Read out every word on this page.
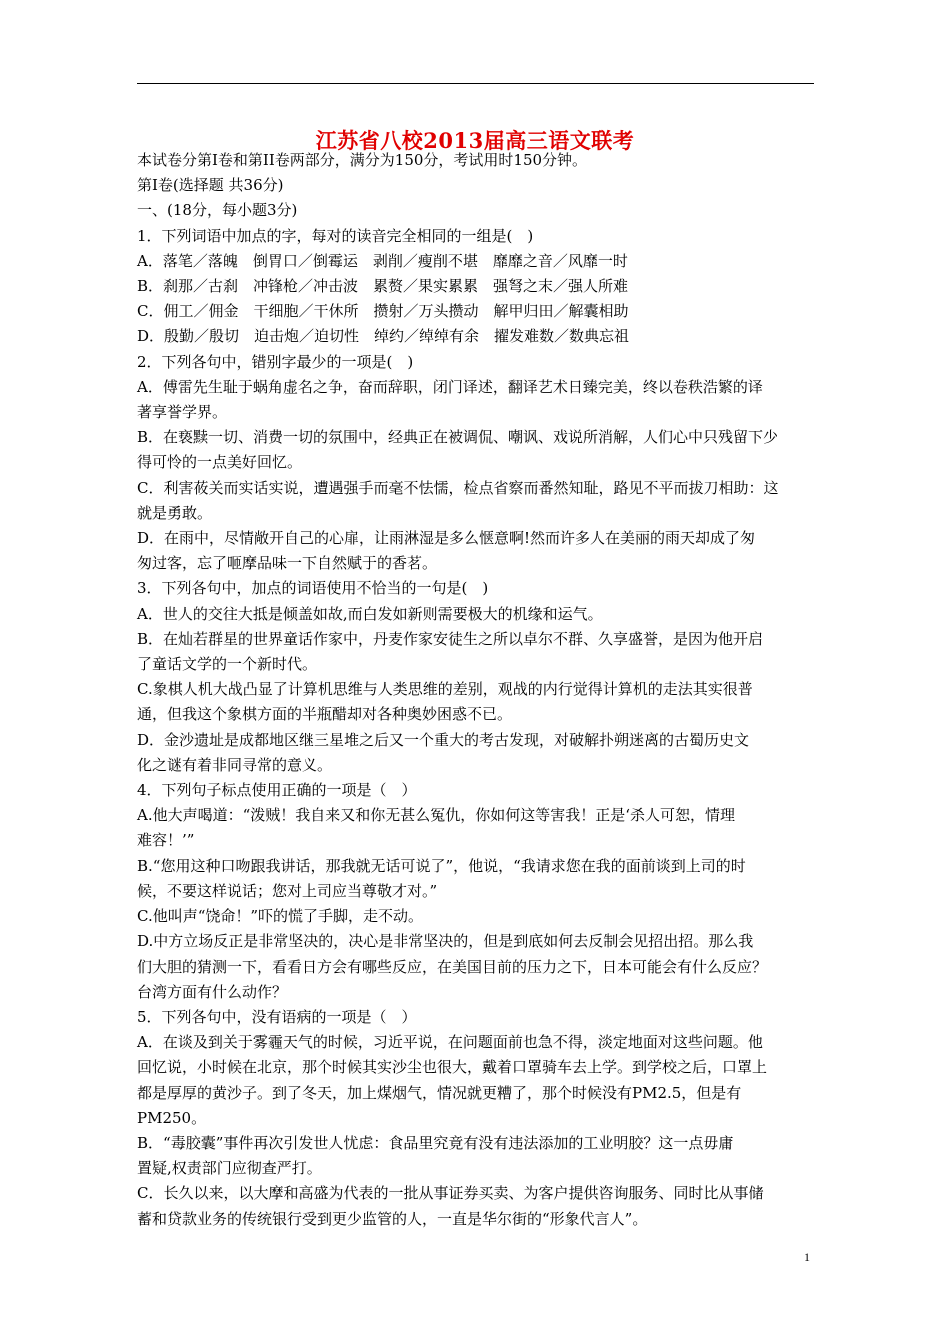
江苏省八校2013届高三语文联考

本试卷分第I卷和第II卷两部分，满分为150分，考试用时150分钟。

第I卷(选择题 共36分)

一、(18分，每小题3分)

1．下列词语中加点的字，每对的读音完全相同的一组是(　)

A．落笔／落魄　倒胃口／倒霉运　剥削／瘦削不堪　靡靡之音／风靡一时

B．刹那／古刹　冲锋枪／冲击波　累赘／果实累累　强弩之末／强人所难

C．佣工／佣金　干细胞／干休所　攒射／万头攒动　解甲归田／解囊相助

D．殷勤／殷切　迫击炮／迫切性　绰约／绰绰有余　擢发难数／数典忘祖

2．下列各句中，错别字最少的一项是(　)

A．傅雷先生耻于蜗角虚名之争，奋而辞职，闭门译述，翻译艺术日臻完美，终以卷秩浩繁的译

著享誉学界。

B．在亵黩一切、消费一切的氛围中，经典正在被调侃、嘲讽、戏说所消解，人们心中只残留下少

得可怜的一点美好回忆。

C．利害莜关而实话实说，遭遇强手而毫不怯懦，检点省察而番然知耻，路见不平而拔刀相助：这

就是勇敢。

D．在雨中，尽情敞开自己的心扉，让雨淋湿是多么惬意啊!然而许多人在美丽的雨天却成了匆

匆过客，忘了咂摩品味一下自然赋于的香茗。

3．下列各句中，加点的词语使用不恰当的一句是(　)

A．世人的交往大抵是倾盖如故,而白发如新则需要极大的机缘和运气。

B．在灿若群星的世界童话作家中，丹麦作家安徒生之所以卓尔不群、久享盛誉，是因为他开启

了童话文学的一个新时代。

C.象棋人机大战凸显了计算机思维与人类思维的差别，观战的内行觉得计算机的走法其实很普

通，但我这个象棋方面的半瓶醋却对各种奥妙困惑不已。

D．金沙遗址是成都地区继三星堆之后又一个重大的考古发现，对破解扑朔迷离的古蜀历史文

化之谜有着非同寻常的意义。

4．下列句子标点使用正确的一项是（　）

A.他大声喝道：“泼贼！我自来又和你无甚么冤仇，你如何这等害我！正是‘杀人可恕，情理

难容！’”

B.“您用这种口吻跟我讲话，那我就无话可说了”，他说，“我请求您在我的面前谈到上司的时

候，不要这样说话；您对上司应当尊敬才对。”

C.他叫声“饶命！”吓的慌了手脚，走不动。

D.中方立场反正是非常坚决的，决心是非常坚决的，但是到底如何去反制会见招出招。那么我

们大胆的猜测一下，看看日方会有哪些反应，在美国目前的压力之下，日本可能会有什么反应？

台湾方面有什么动作？

5．下列各句中，没有语病的一项是（　）

A．在谈及到关于雾霾天气的时候，习近平说，在问题面前也急不得，淡定地面对这些问题。他

回忆说，小时候在北京，那个时候其实沙尘也很大，戴着口罩骑车去上学。到学校之后，口罩上

都是厚厚的黄沙子。到了冬天，加上煤烟气，情况就更糟了，那个时候没有PM2.5，但是有

PM250。

B．“毒胶囊”事件再次引发世人忧虑：食品里究竟有没有违法添加的工业明胶？这一点毋庸

置疑,权责部门应彻查严打。

C．长久以来，以大摩和高盛为代表的一批从事证券买卖、为客户提供咨询服务、同时比从事储

蓄和贷款业务的传统银行受到更少监管的人，一直是华尔街的“形象代言人”。

1
